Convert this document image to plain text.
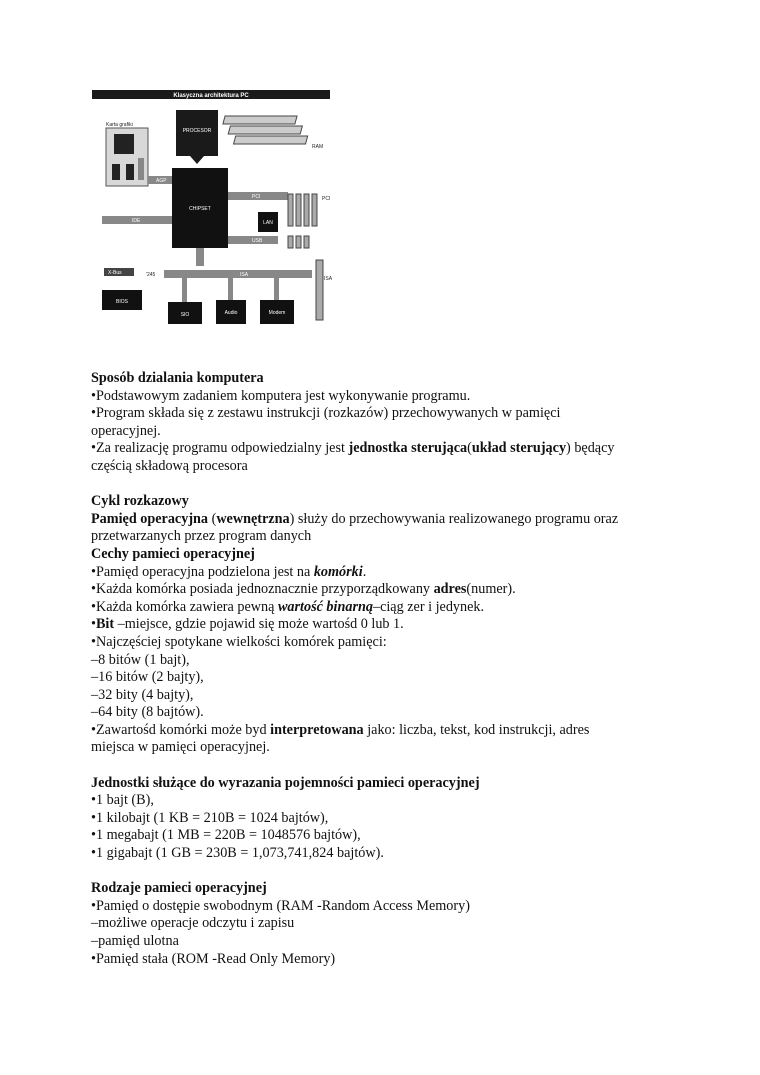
Klasyczna architektura PC
Karta grafiki
PROCESOR
RAM
AGP
CHIPSET
PCI	PCI
LAN
IDE
USB
X-Bus	'245	ISA
ISA
BIOS
SIO	Audio	Modem

Sposób dzialania komputera

•Podstawowym zadaniem komputera jest wykonywanie programu.

•Program składa się z zestawu instrukcji (rozkazów) przechowywanych w pamięci

operacyjnej.

•Za realizację programu odpowiedzialny jest jednostka sterująca(układ sterujący) będący

częścią składową procesora

Cykl rozkazowy

Pamięd operacyjna (wewnętrzna) służy do przechowywania realizowanego programu oraz

przetwarzanych przez program danych

Cechy pamieci operacyjnej

•Pamięd operacyjna podzielona jest na komórki.

•Każda komórka posiada jednoznacznie przyporządkowany adres(numer).

•Każda komórka zawiera pewną wartość binarną–ciąg zer i jedynek.

•Bit –miejsce, gdzie pojawid się może wartośd 0 lub 1.

•Najczęściej spotykane wielkości komórek pamięci:

–8 bitów (1 bajt),

–16 bitów (2 bajty),

–32 bity (4 bajty),

–64 bity (8 bajtów).

•Zawartośd komórki może byd interpretowana jako: liczba, tekst, kod instrukcji, adres

miejsca w pamięci operacyjnej.

Jednostki służące do wyrazania pojemności pamieci operacyjnej

•1 bajt (B),

•1 kilobajt (1 KB = 210B = 1024 bajtów),

•1 megabajt (1 MB = 220B = 1048576 bajtów),

•1 gigabajt (1 GB = 230B = 1,073,741,824 bajtów).

Rodzaje pamieci operacyjnej

•Pamięd o dostępie swobodnym (RAM -Random Access Memory)

–możliwe operacje odczytu i zapisu

–pamięd ulotna

•Pamięd stała (ROM -Read Only Memory)
